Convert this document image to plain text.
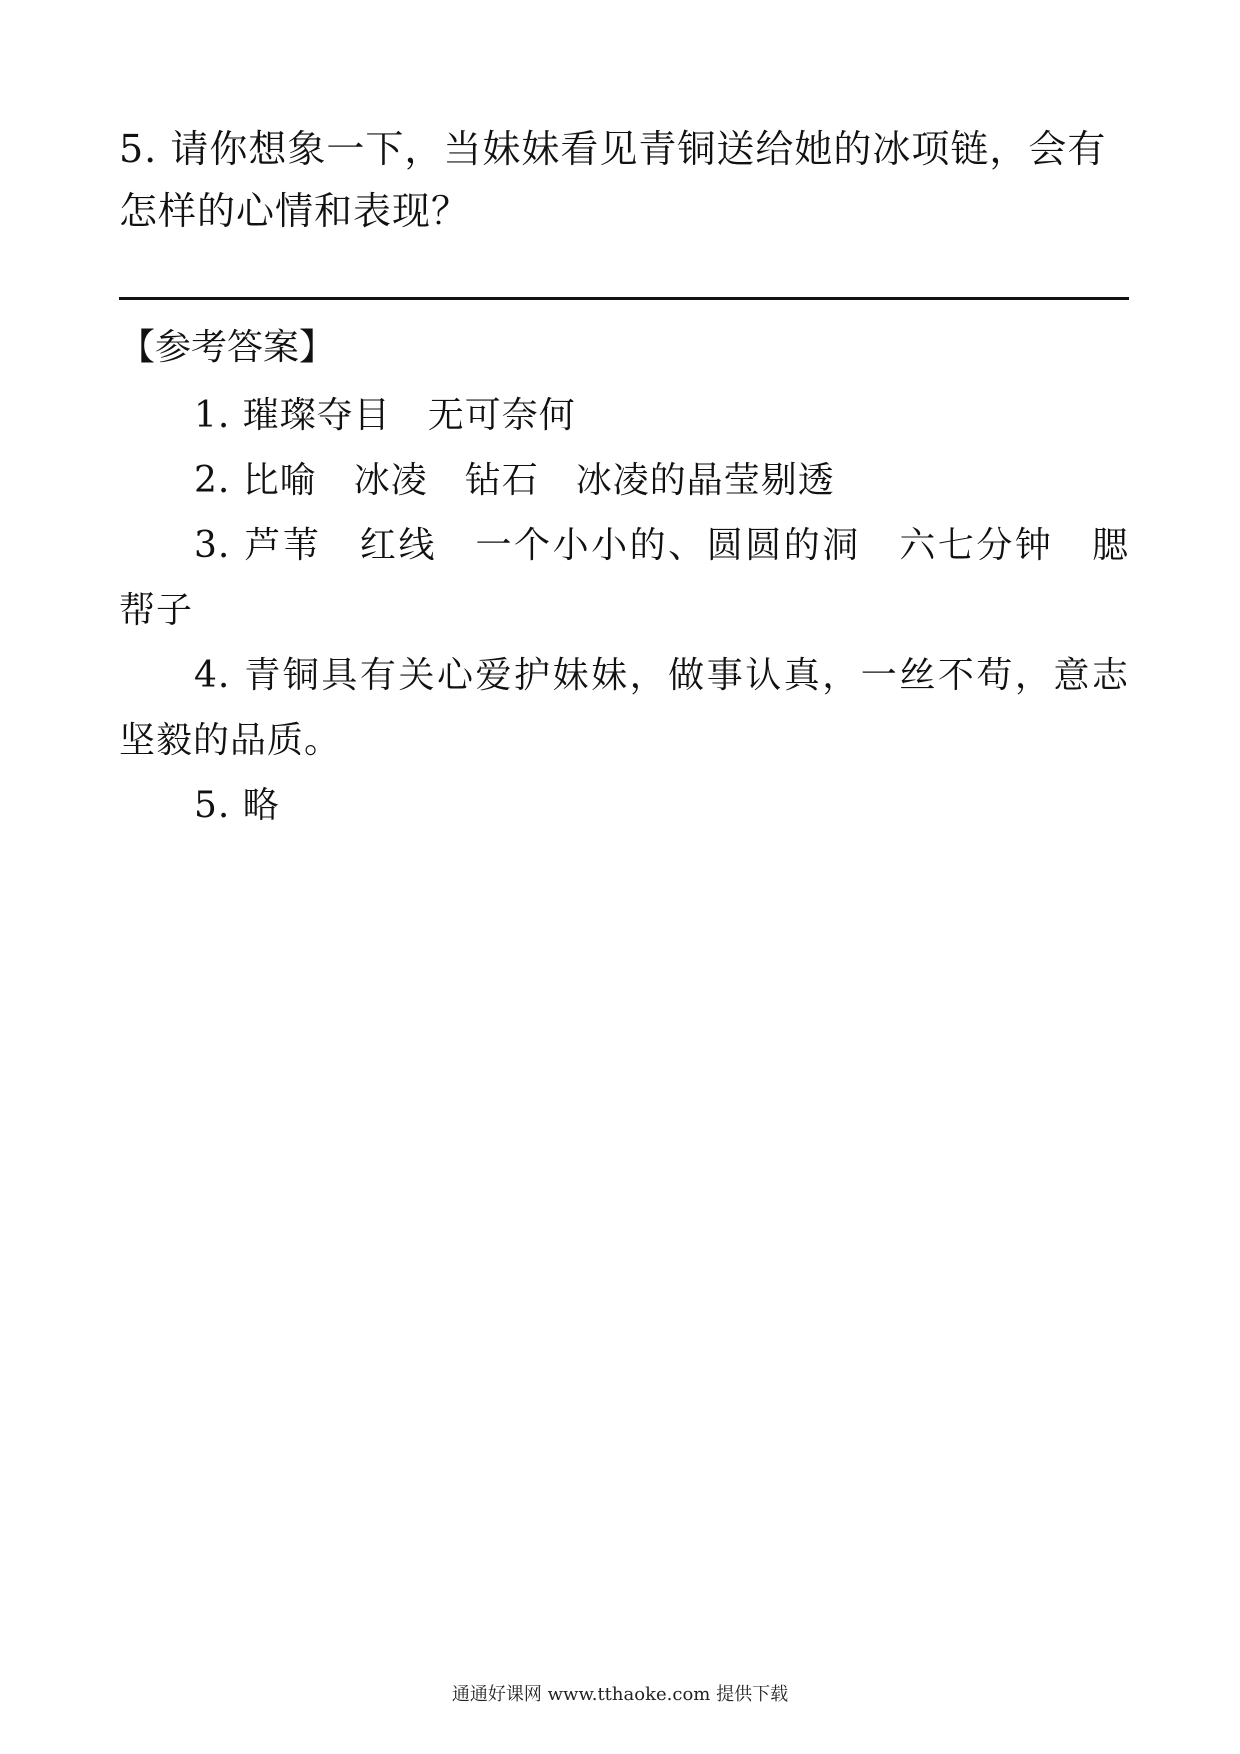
5. 请你想象一下，当妹妹看见青铜送给她的冰项链，会有怎样的心情和表现？

【参考答案】

1. 璀璨夺目　无可奈何
2. 比喻　冰凌　钻石　冰凌的晶莹剔透
3. 芦苇　红线　一个小小的、圆圆的洞　六七分钟　腮帮子
4. 青铜具有关心爱护妹妹，做事认真，一丝不苟，意志坚毅的品质。
5. 略
通通好课网 www.tthaoke.com 提供下载
